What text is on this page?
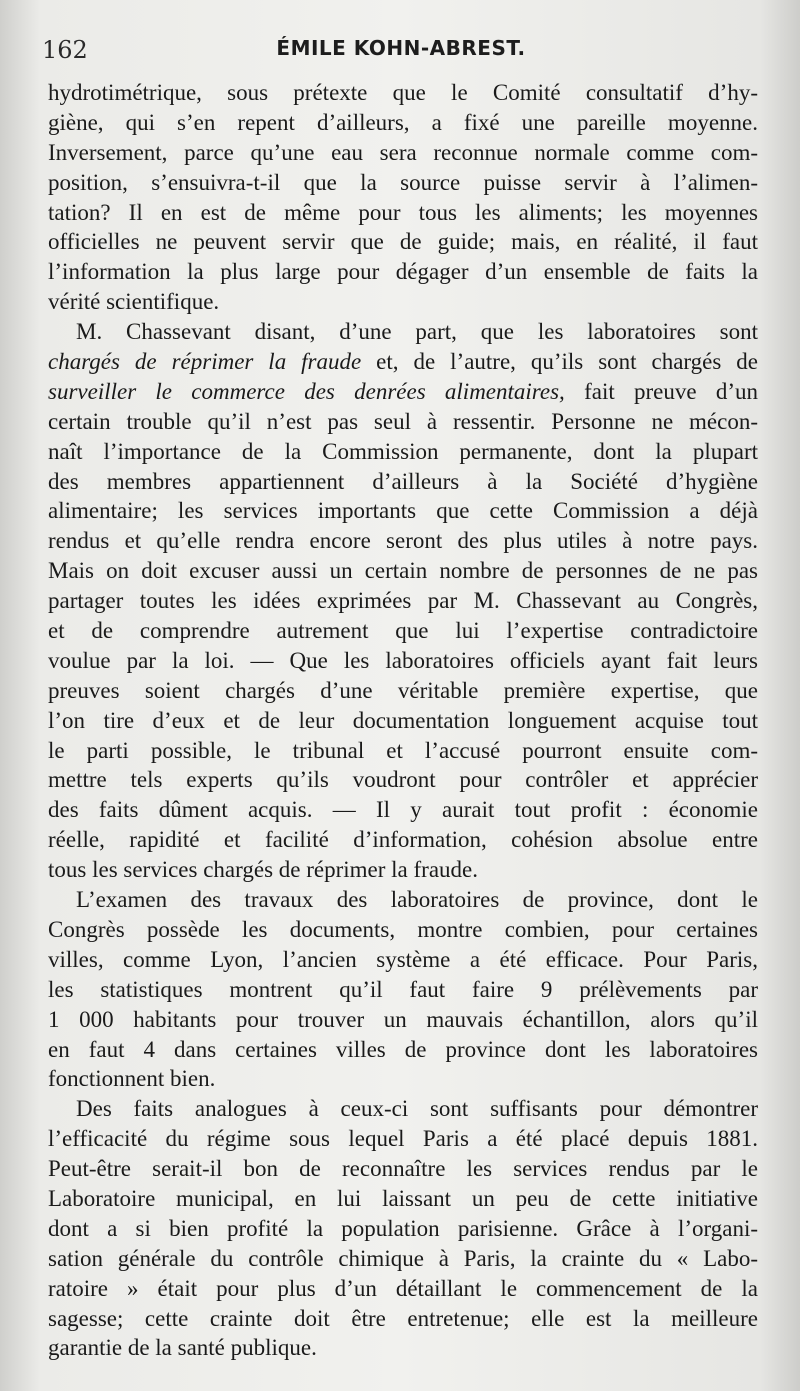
162	ÉMILE KOHN-ABREST.
hydrotimétrique, sous prétexte que le Comité consultatif d’hy-
giène, qui s’en repent d’ailleurs, a fixé une pareille moyenne.
Inversement, parce qu’une eau sera reconnue normale comme com-
position, s’ensuivra-t-il que la source puisse servir à l’alimen-
tation? Il en est de même pour tous les aliments; les moyennes
officielles ne peuvent servir que de guide; mais, en réalité, il faut
l’information la plus large pour dégager d’un ensemble de faits la
vérité scientifique.
M. Chassevant disant, d’une part, que les laboratoires sont
chargés de réprimer la fraude et, de l’autre, qu’ils sont chargés de
surveiller le commerce des denrées alimentaires, fait preuve d’un
certain trouble qu’il n’est pas seul à ressentir. Personne ne mécon-
naît l’importance de la Commission permanente, dont la plupart
des membres appartiennent d’ailleurs à la Société d’hygiène
alimentaire; les services importants que cette Commission a déjà
rendus et qu’elle rendra encore seront des plus utiles à notre pays.
Mais on doit excuser aussi un certain nombre de personnes de ne pas
partager toutes les idées exprimées par M. Chassevant au Congrès,
et de comprendre autrement que lui l’expertise contradictoire
voulue par la loi. — Que les laboratoires officiels ayant fait leurs
preuves soient chargés d’une véritable première expertise, que
l’on tire d’eux et de leur documentation longuement acquise tout
le parti possible, le tribunal et l’accusé pourront ensuite com-
mettre tels experts qu’ils voudront pour contrôler et apprécier
des faits dûment acquis. — Il y aurait tout profit : économie
réelle, rapidité et facilité d’information, cohésion absolue entre
tous les services chargés de réprimer la fraude.
L’examen des travaux des laboratoires de province, dont le
Congrès possède les documents, montre combien, pour certaines
villes, comme Lyon, l’ancien système a été efficace. Pour Paris,
les statistiques montrent qu’il faut faire 9 prélèvements par
1 000 habitants pour trouver un mauvais échantillon, alors qu’il
en faut 4 dans certaines villes de province dont les laboratoires
fonctionnent bien.
Des faits analogues à ceux-ci sont suffisants pour démontrer
l’efficacité du régime sous lequel Paris a été placé depuis 1881.
Peut-être serait-il bon de reconnaître les services rendus par le
Laboratoire municipal, en lui laissant un peu de cette initiative
dont a si bien profité la population parisienne. Grâce à l’organi-
sation générale du contrôle chimique à Paris, la crainte du « Labo-
ratoire » était pour plus d’un détaillant le commencement de la
sagesse; cette crainte doit être entretenue; elle est la meilleure
garantie de la santé publique.
